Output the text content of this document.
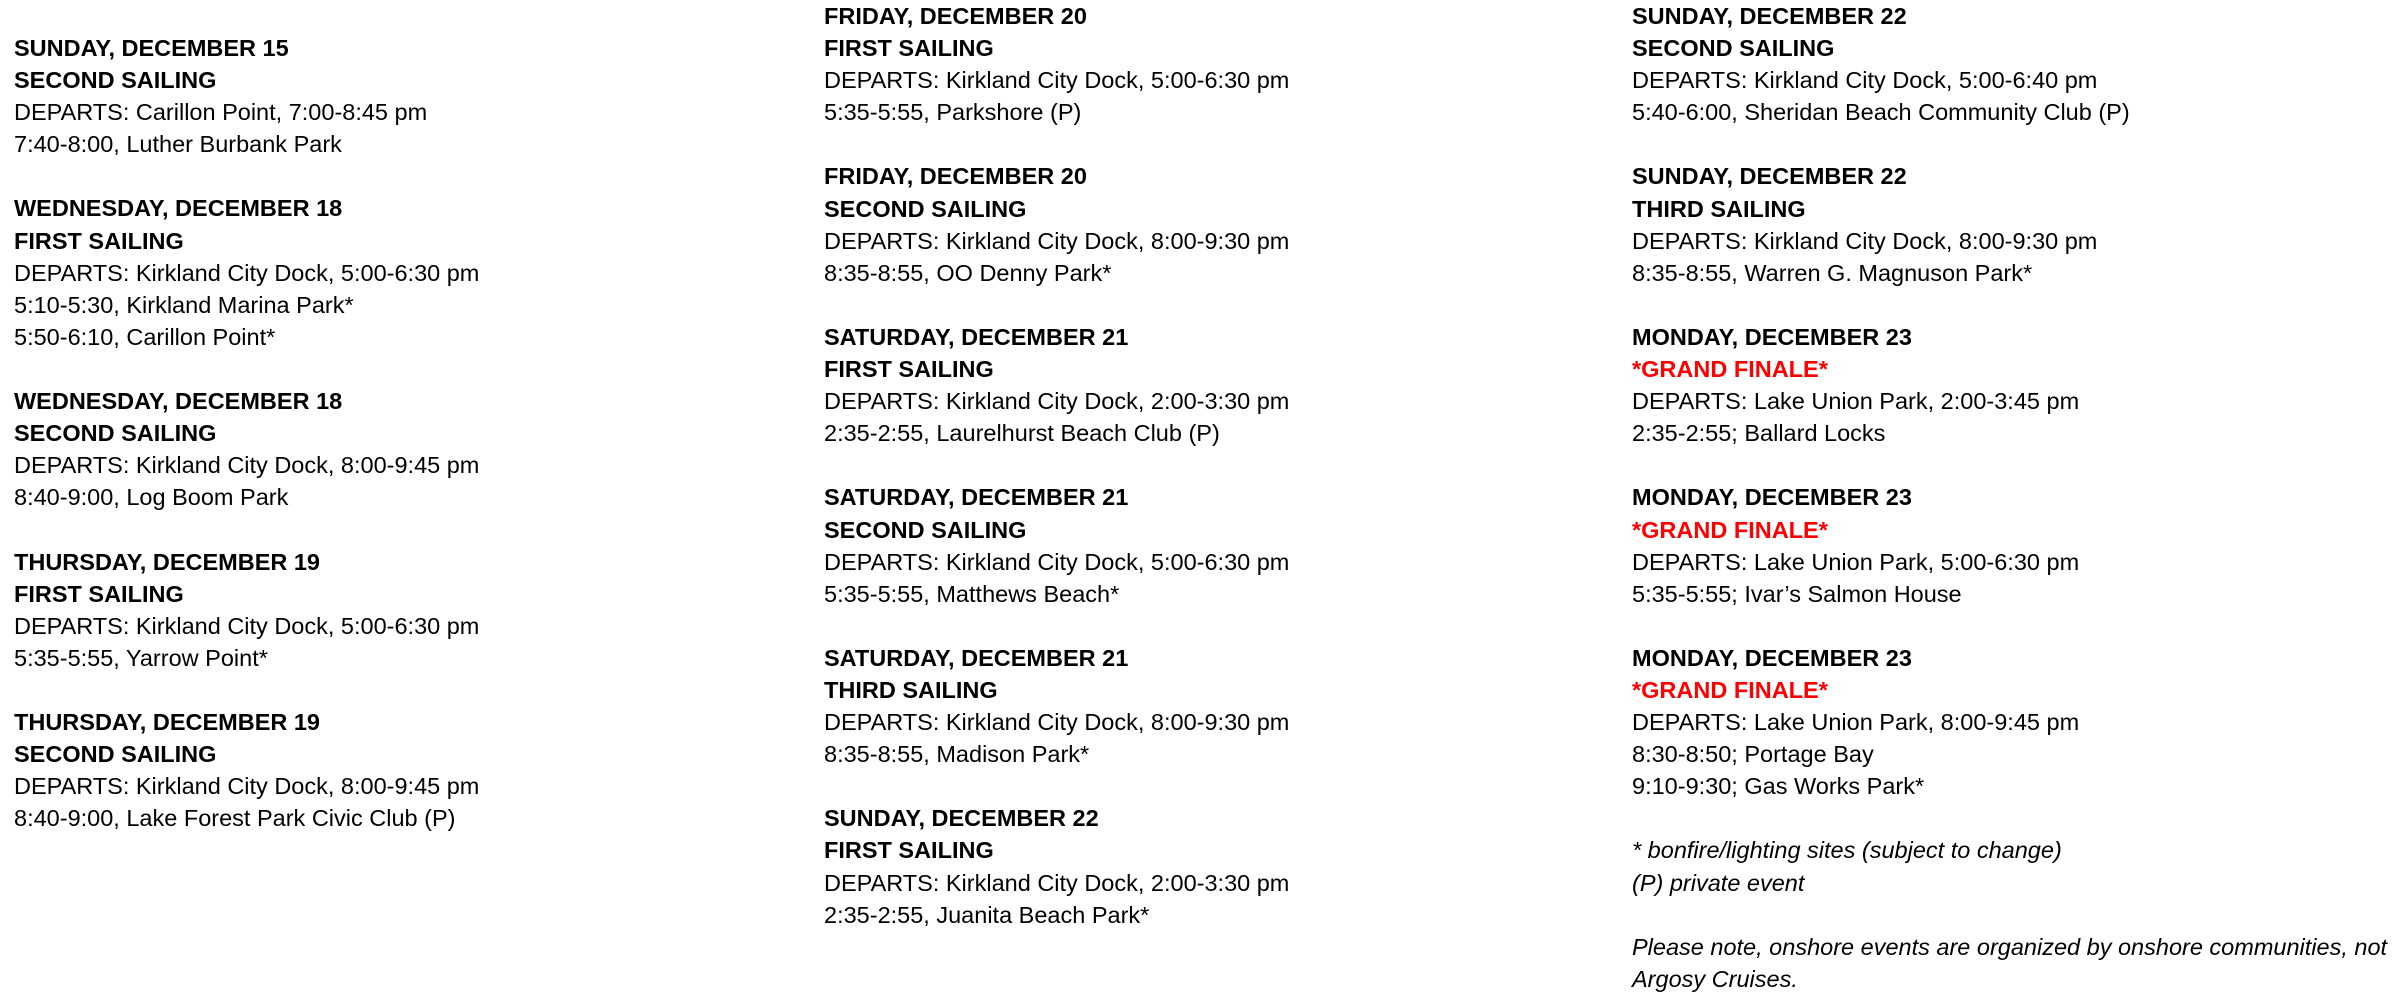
SUNDAY, DECEMBER 15
SECOND SAILING
DEPARTS: Carillon Point, 7:00-8:45 pm
7:40-8:00, Luther Burbank Park
WEDNESDAY, DECEMBER 18
FIRST SAILING
DEPARTS: Kirkland City Dock, 5:00-6:30 pm
5:10-5:30, Kirkland Marina Park*
5:50-6:10, Carillon Point*
WEDNESDAY, DECEMBER 18
SECOND SAILING
DEPARTS: Kirkland City Dock, 8:00-9:45 pm
8:40-9:00, Log Boom Park
THURSDAY, DECEMBER 19
FIRST SAILING
DEPARTS: Kirkland City Dock, 5:00-6:30 pm
5:35-5:55, Yarrow Point*
THURSDAY, DECEMBER 19
SECOND SAILING
DEPARTS: Kirkland City Dock, 8:00-9:45 pm
8:40-9:00, Lake Forest Park Civic Club (P)
FRIDAY, DECEMBER 20
FIRST SAILING
DEPARTS: Kirkland City Dock, 5:00-6:30 pm
5:35-5:55, Parkshore (P)
FRIDAY, DECEMBER 20
SECOND SAILING
DEPARTS: Kirkland City Dock, 8:00-9:30 pm
8:35-8:55, OO Denny Park*
SATURDAY, DECEMBER 21
FIRST SAILING
DEPARTS: Kirkland City Dock, 2:00-3:30 pm
2:35-2:55, Laurelhurst Beach Club (P)
SATURDAY, DECEMBER 21
SECOND SAILING
DEPARTS: Kirkland City Dock, 5:00-6:30 pm
5:35-5:55, Matthews Beach*
SATURDAY, DECEMBER 21
THIRD SAILING
DEPARTS: Kirkland City Dock, 8:00-9:30 pm
8:35-8:55, Madison Park*
SUNDAY, DECEMBER 22
FIRST SAILING
DEPARTS: Kirkland City Dock, 2:00-3:30 pm
2:35-2:55, Juanita Beach Park*
SUNDAY, DECEMBER 22
SECOND SAILING
DEPARTS: Kirkland City Dock, 5:00-6:40 pm
5:40-6:00, Sheridan Beach Community Club (P)
SUNDAY, DECEMBER 22
THIRD SAILING
DEPARTS: Kirkland City Dock, 8:00-9:30 pm
8:35-8:55, Warren G. Magnuson Park*
MONDAY, DECEMBER 23
*GRAND FINALE*
DEPARTS: Lake Union Park, 2:00-3:45 pm
2:35-2:55; Ballard Locks
MONDAY, DECEMBER 23
*GRAND FINALE*
DEPARTS: Lake Union Park, 5:00-6:30 pm
5:35-5:55; Ivar’s Salmon House
MONDAY, DECEMBER 23
*GRAND FINALE*
DEPARTS: Lake Union Park, 8:00-9:45 pm
8:30-8:50; Portage Bay
9:10-9:30; Gas Works Park*
* bonfire/lighting sites (subject to change)
(P) private event
Please note, onshore events are organized by onshore communities, not
Argosy Cruises.
